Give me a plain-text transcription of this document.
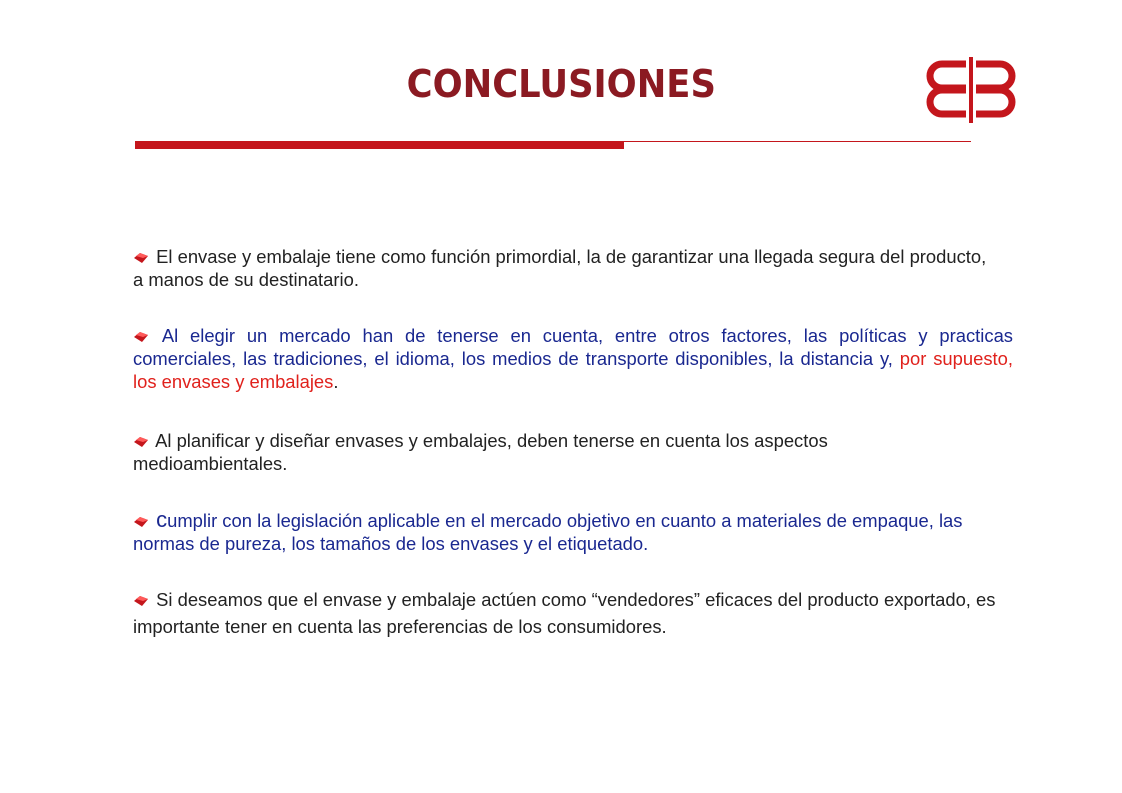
CONCLUSIONES
El envase y embalaje tiene como función primordial, la de garantizar una llegada segura del producto, a manos de su destinatario.
Al elegir un mercado han de tenerse en cuenta, entre otros factores, las políticas y practicas comerciales, las tradiciones, el idioma, los medios de transporte disponibles, la distancia y, por supuesto, los envases y embalajes.
Al planificar y diseñar envases y embalajes, deben tenerse en cuenta los aspectos medioambientales.
cumplir con la legislación aplicable en el mercado objetivo en cuanto a materiales de empaque, las normas de pureza, los tamaños de los envases y el etiquetado.
Si deseamos que el envase y embalaje actúen como “vendedores” eficaces del producto exportado, es importante tener en cuenta las preferencias de los consumidores.
